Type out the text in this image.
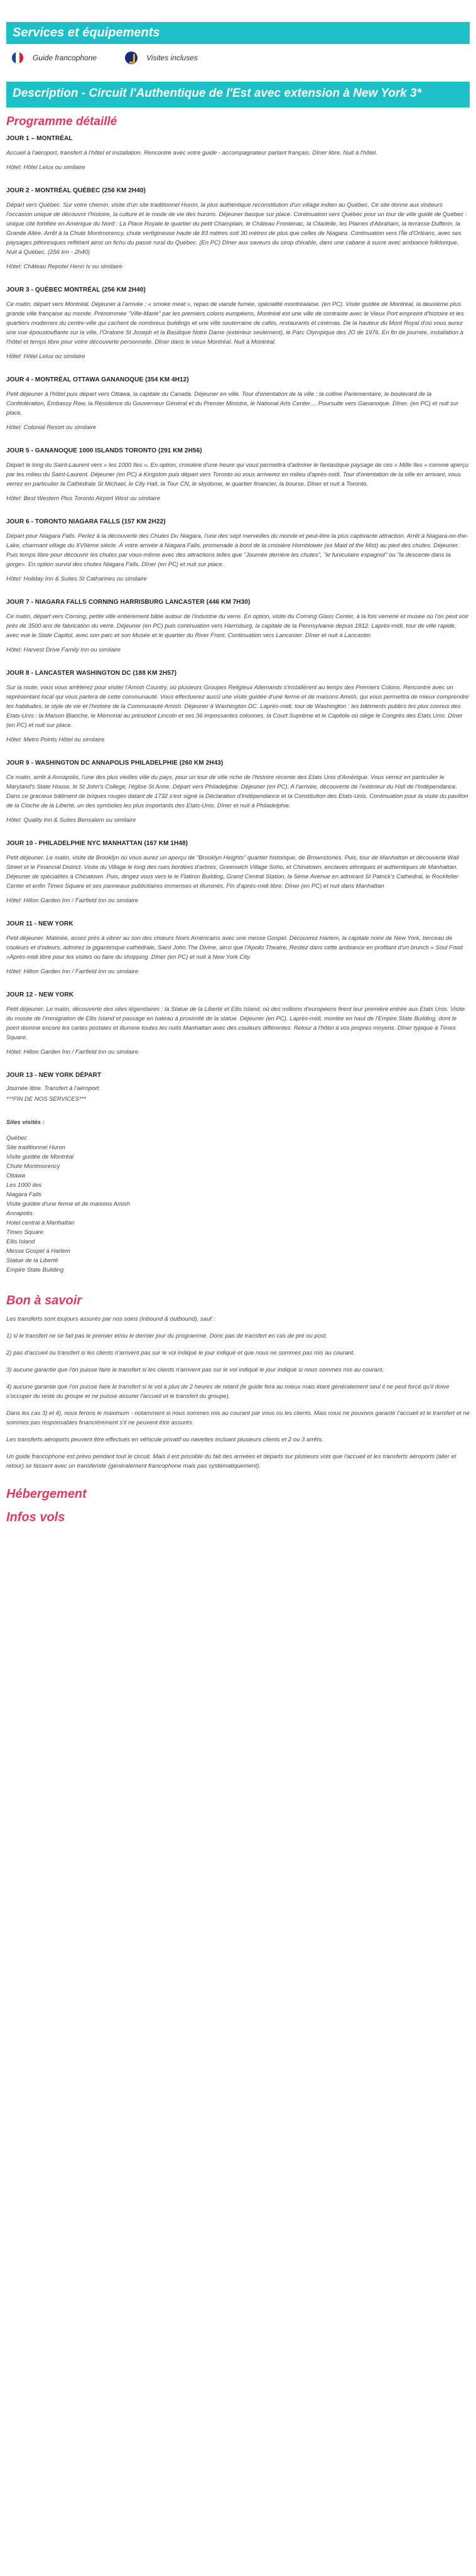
Services et équipements
Guide francophone	Visites incluses
Description - Circuit l'Authentique de l'Est avec extension à New York 3*
Programme détaillé
JOUR 1 – MONTRÉAL
Accueil à l'aéroport, transfert à l'hôtel et installation. Rencontre avec votre guide - accompagnateur parlant français. Dîner libre. Nuit à l'hôtel.
Hôtel: Hôtel Lelux ou similaire
JOUR 2 - MONTRÉAL QUÉBEC (256 KM 2H40)
Départ vers Québec. Sur votre chemin, visite d'un site traditionnel Huron, la plus authentique reconstitution d'un village indien au Québec. Ce site donne aux visiteurs l'occasion unique de découvrir l'histoire, la culture et le mode de vie des hurons. Déjeuner basque sur place. Continuation vers Québec pour un tour de ville guidé de Québec : unique cité fortifiée en Amérique du Nord : La Place Royale le quartier du petit Champlain, le Château Frontenac, la Citadelle, les Plaines d'Abraham, la terrasse Dufferin, la Grande Allée. Arrêt à la Chute Montmorency, chute vertigineuse haute de 83 mètres soit 30 mètres de plus que celles de Niagara. Continuation vers l'Île d'Orléans, avec ses paysages pittoresques reflétant ainsi un fichu du passé rural du Québec. (En PC) Dîner aux saveurs du sirop d'érable, dans une cabane à sucre avec ambiance folklorique. Nuit à Québec. (256 km - 2h40)
Hôtel: Château Repotel Henri Iv ou similaire
JOUR 3 - QUÉBEC MONTRÉAL (256 KM 2H40)
Ce matin, départ vers Montréal. Déjeuner à l'arrivée ; « smoke meat », repas de viande fumée, spécialité montréalaise. (en PC). Visite guidée de Montréal, la deuxième plus grande ville française au monde. Prénommée "Ville-Marie" par les premiers colons européens, Montréal est une ville de contraste avec le Vieux Port empreint d'histoire et les quartiers modernes du centre-ville qui cachent de nombreux buildings et une ville souterraine de cafés, restaurants et cinémas. De la hauteur du Mont Royal d'où vous aurez une vue époustouflante sur la ville, l'Oratoire St Joseph et la Basilique Notre Dame (extérieur seulement), le Parc Olympique des JO de 1976. En fin de journée, installation à l'hôtel et temps libre pour votre découverte personnelle. Dîner dans le vieux Montréal. Nuit à Montréal.
Hôtel: Hôtel Lelux ou similaire
JOUR 4 - MONTRÉAL OTTAWA GANANOQUE (354 KM 4H12)
Petit déjeuner à l'hôtel puis départ vers Ottawa, la capitale du Canada. Déjeuner en ville. Tour d'orientation de la ville : la colline Parlementaire, le boulevard de la Confédération, Embassy Row, la Résidence du Gouverneur Général et du Premier Ministre, le National Arts Center.... Poursuite vers Gananoque. Dîner. (en PC) et nuit sur place.
Hôtel: Colonial Resort ou similaire
JOUR 5 - GANANOQUE 1000 ISLANDS TORONTO (291 KM 2H56)
Départ le long du Saint-Laurent vers « les 1000 îles ». En option, croisière d'une heure qui vous permettra d'admirer le fantastique paysage de ces « Mille îles » comme aperçu par les milieu du Saint-Laurent. Déjeuner (en PC) à Kingston puis départ vers Toronto où vous arriverez en milieu d'après-midi. Tour d'orientation de la ville en arrivant, vous verrez en particulier la Cathédrale St Michael, le City Hall, la Tour CN, le skydome, le quartier financier, la bourse. Dîner et nuit à Toronto.
Hôtel: Best Western Plus Toronto Airport West ou similaire
JOUR 6 - TORONTO NIAGARA FALLS (157 KM 2H22)
Départ pour Niagara Falls. Perlez à la découverte des Chutes Du Niagara, l'une des sept merveilles du monde et peut-être la plus captivante attraction. Arrêt à Niagara-on-the-Lake, charmant village du XVIIème siècle. À votre arrivée à Niagara Falls, promenade à bord de la croisière Hornblower (ex Maid of the Mist) au pied des chutes. Déjeuner. Puis temps libre pour découvrir les chutes par vous-même avec des attractions telles que "Journée derrière les chutes", "le funiculaire espagnol" ou "la descente dans la gorge». En option survol des chutes Niagara Falls. Dîner (en PC) et nuit sur place.
Hôtel: Holiday Inn & Suites St Catharines ou similaire
JOUR 7 - NIAGARA FALLS CORNING HARRISBURG LANCASTER (446 KM 7H30)
Ce matin, départ vers Corning, petite ville entièrement bâtie autour de l'industrie du verre. En option, visite du Corning Glass Center, à la fois verrerie et musée où l'on peut voir près de 3500 ans de fabrication du verre. Déjeuner (en PC) puis continuation vers Harrisburg, la capitale de la Pennsylvanie depuis 1812. Laprès-midi, tour de ville rapide, avec vue le State Capitol, avec son parc et son Musée et le quartier du River Front. Continuation vers Lancaster. Dîner et nuit à Lancaster.
Hôtel: Harvest Drive Family Inn ou similaire
JOUR 8 - LANCASTER WASHINGTON DC (188 KM 2H57)
Sur la route, vous vous arrêterez pour visiter l'Amish Country, où plusieurs Groupes Religieux Allemands s'installèrent au temps des Premiers Colons. Rencontre avec un représentant local qui vous parlera de cette communauté. Vous effectuerez aussi une visite guidée d'une ferme et de maisons Amish, qui vous permettra de mieux comprendre les habitudes, le style de vie et l'histoire de la Communauté Amish. Déjeuner à Washington DC. Laprès-midi, tour de Washington : les bâtiments publics les plus connus des Etats-Unis : la Maison Blanche, le Mémorial au président Lincoln et ses 36 impossantes colonnes, la Court Suprême et le Capitole où siège le Congrès des Etats Unis. Dîner (en PC) et nuit sur place.
Hôtel: Metro Points Hôtel ou similaire
JOUR 9 - WASHINGTON DC ANNAPOLIS PHILADELPHIE (260 KM 2H43)
Ce matin, arrêt à Annapolis, l'une des plus vieilles ville du pays, pour un tour de ville riche de l'histoire récente des Etats Unis d'Amérique. Vous verrez en particulier le Maryland's State House, le St John's College, l'église St Anne. Départ vers Philadelphie. Déjeuner (en PC). A l'arrivée, découverte de l'extérieur du Hall de l'Indépendance. Dans ce gracieux bâtiment de briques rouges datant de 1732 s'est signé la Déclaration d'Indépendance et la Constitution des Etats-Unis. Continuation pour la visite du pavillon de la Cloche de la Liberté, un des symboles les plus importants des Etats-Unis. Dîner et nuit à Philadelphie.
Hôtel: Quality Inn & Suites Bensalem ou similaire
JOUR 10 - PHILADELPHIE NYC MANHATTAN (167 KM 1H48)
Petit déjeuner. Le matin, visite de Brooklyn où vous aurez un aperçu de "Brooklyn Heights" quartier historique, de Brownstones. Puis, tour de Manhattan et découverte Wall Street et le Financial District. Visite du Village le long des rues bordées d'arbres, Greenwich Village Soho, et Chinatown, enclaves ethniques et authentiques de Manhattan. Déjeuner de spécialités à Chinatown. Puis, dirigez vous vers le le Flatiron Building, Grand Central Station, la 5ème Avenue en admirant St Patrick's Cathedral, le Rockfeller Center et enfin Times Square et ses panneaux publicitaires immenses et illuminés. Fin d'après-midi libre. Dîner (en PC) et nuit dans Manhattan
Hôtel: Hilton Garden Inn / Fairfield Inn ou similaire
JOUR 11 - NEW YORK
Petit déjeuner. Matinée, assez près à vibrer au son des chœurs Noirs Américains avec une messe Gospel. Découvrez Harlem, la capitale noire de New York, berceau de couleurs et d'odeurs, admirez la gigantesque cathédrale, Saint John The Divine, ainsi que l'Apollo Theatre. Restez dans cette ambiance en profitant d'un brunch « Soul Food »Après-midi libre pour les visites ou faire du shopping. Dîner (en PC) et nuit à New York City.
Hôtel: Hilton Garden Inn / Fairfield Inn ou similaire
JOUR 12 - NEW YORK
Petit déjeuner. Le matin, découverte des sites légendaires : la Statue de la Liberté et Ellis Island, où des millions d'européens firent leur première entrée aux Etats Unis. Visite du musée de l'immigration de Ellis Island et passage en bateau à proximité de la statue. Déjeuner (en PC). Laprès-midi, montée en haut de l'Empire State Building, dont le point domine encore les cartes postales et illumine toutes les nuits Manhattan avec des couleurs différentes. Retour à l'hôtel à vos propres moyens. Dîner typique à Times Square.
Hôtel: Hilton Garden Inn / Fairfield Inn ou similaire
JOUR 13 - NEW YORK DÉPART
Journée libre. Transfert à l'aéroport.
***FIN DE NOS SERVICES***
Sites visités :
Québec
Site traditionnel Huron
Visite guidée de Montréal
Chute Montmorency
Ottawa
Les 1000 iles
Niagara Falls
Visite guidée d'une ferme et de maisons Amish
Annapolis
Hotel central à Manhattan
Times Square
Ellis Island
Messe Gospel à Harlem
Statue de la Liberté
Empire State Building
Bon à savoir

Les transferts sont toujours assurés par nos soins (inbound & outbound), sauf :

1) si le transfert ne se fait pas le premier et/ou le dernier jour du programme. Donc pas de transfert en cas de pré ou post.

2) pas d'accueil ou transfert si les clients n'arrivent pas sur le vol indiqué le jour indiqué et que nous ne sommes pas mis au courant.

3) aucune garantie que l'on puisse faire le transfert si les clients n'arrivent pas sur le vol indiqué le jour indiqué si nous sommes mis au courant.

4) aucune garantie que l'on puisse faire le transfert si le vol a plus de 2 heures de retard (le guide fera au mieux mais étant généralement seul il ne peut forcé qu'il doive s'occuper du reste du groupe et ne puisse assurer l'accueil et le transfert du groupe).

Dans les cas 3) et 4), nous ferons le maximum - notamment si nous sommes mis au courant par vous ou les clients. Mais nous ne pouvons garantir l'accueil et le transfert et ne sommes pas responsables financièrement s'il ne peuvent être assurés.

Les transferts aéroports peuvent être effectués en véhicule privatif ou navettes incluant plusieurs clients et 2 ou 3 arrêts.

Un guide francophone est prévu pendant tout le circuit. Mais il est possible du fait des arrivées et départs sur plusieurs vols que l'accueil et les transferts aéroports (aller et retour) se fassent avec un transferiste (généralement francophone mais pas systématiquement).

Hébergement

Infos vols
